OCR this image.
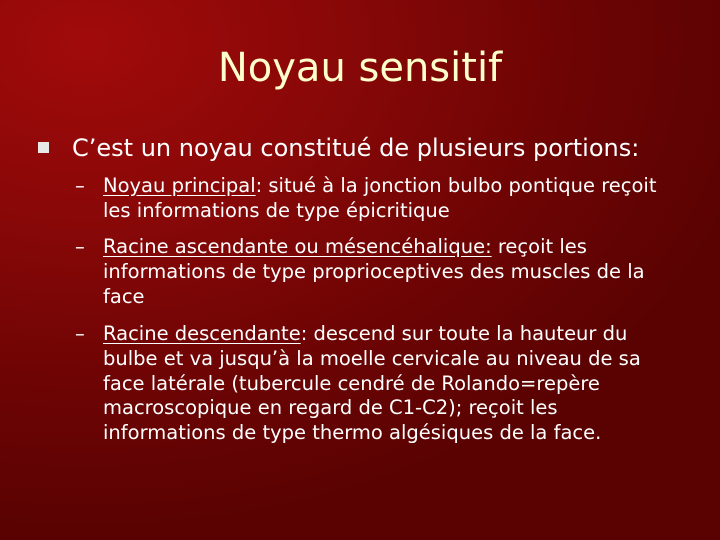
Noyau sensitif
C’est un noyau constitué de plusieurs portions:
– Noyau principal: situé à la jonction bulbo pontique reçoit les informations de type épicritique
– Racine ascendante ou mésencéhalique: reçoit les informations de type proprioceptives des muscles de la face
– Racine descendante: descend sur toute la hauteur du bulbe et va jusqu’à la moelle cervicale au niveau de sa face latérale (tubercule cendré de Rolando=repère macroscopique en regard de C1-C2); reçoit les informations de type thermo algésiques de la face.
